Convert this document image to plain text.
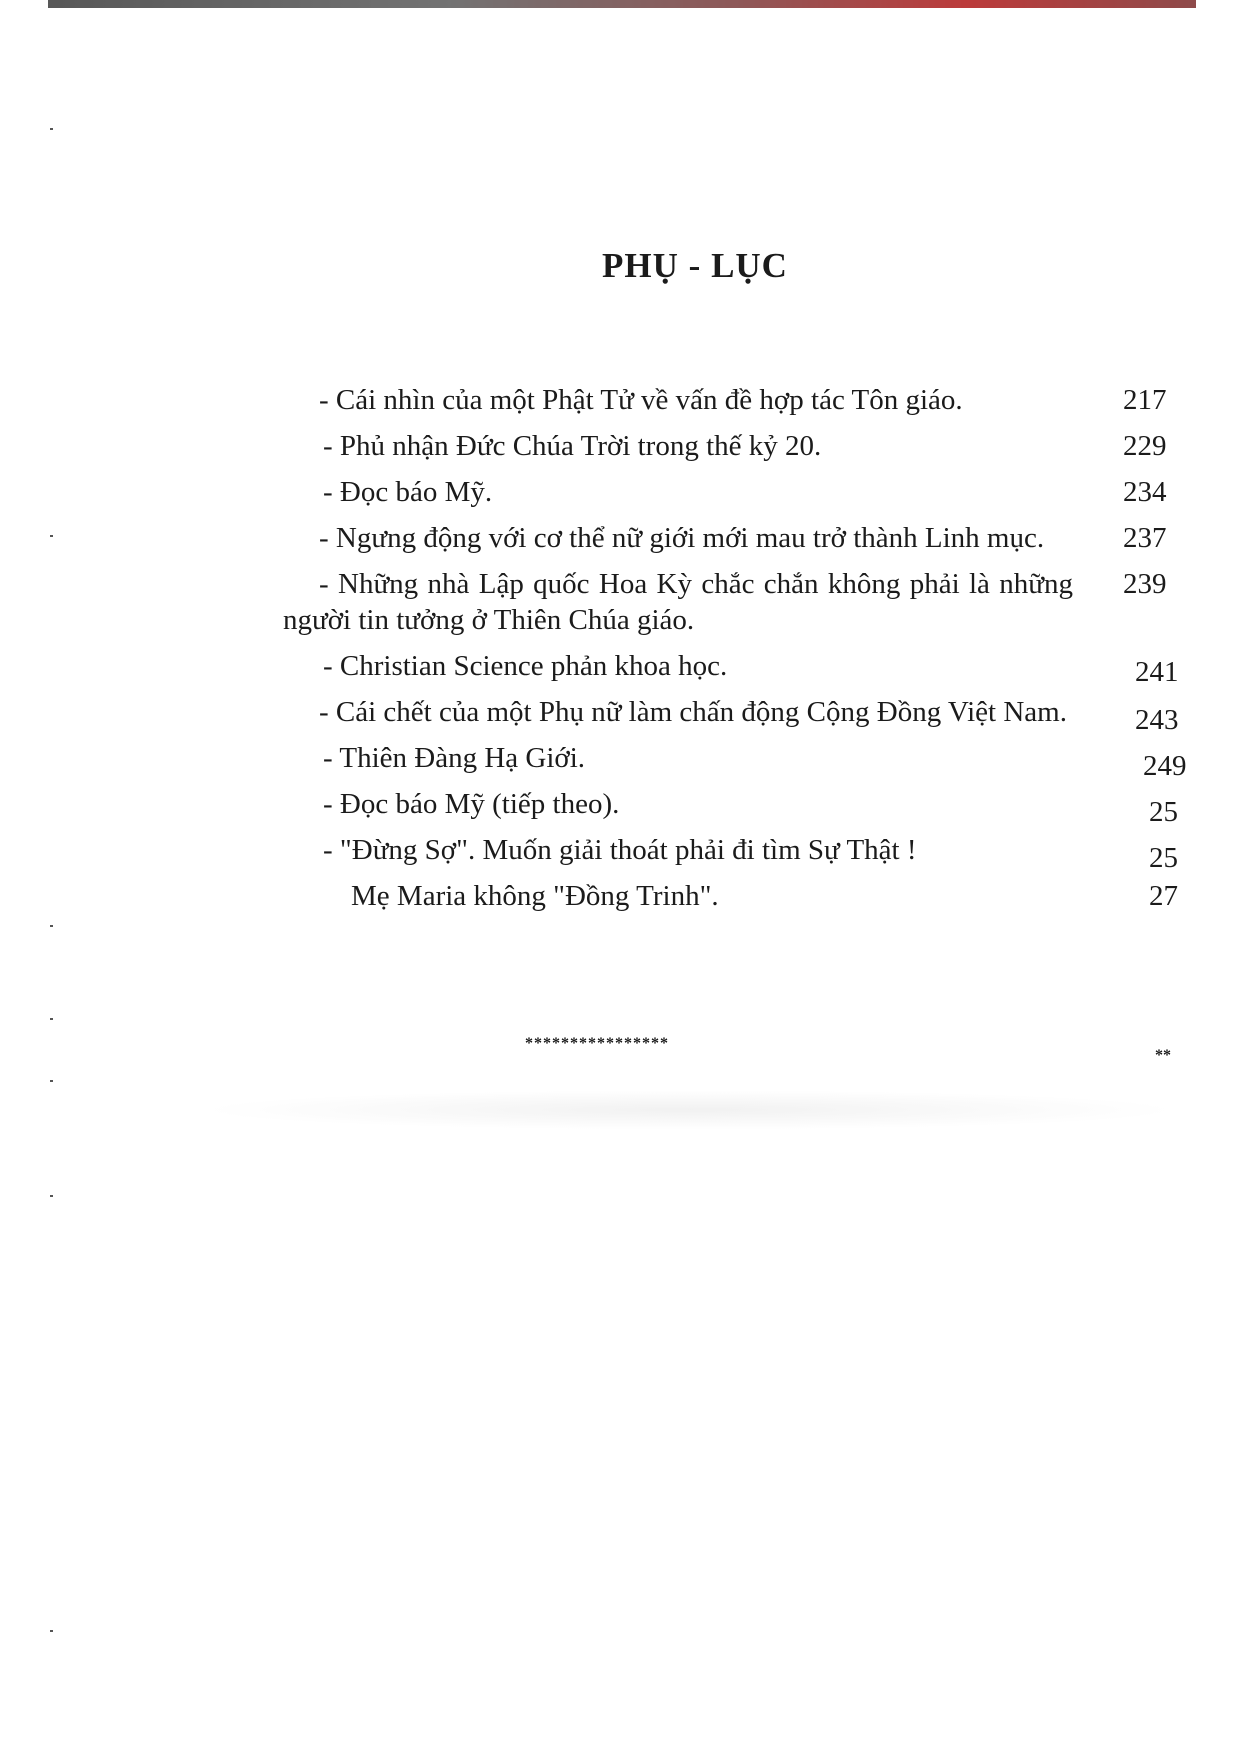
PHỤ - LỤC
- Cái nhìn của một Phật Tử về vấn đề hợp tác Tôn giáo.	217
- Phủ nhận Đức Chúa Trời trong thế kỷ 20.	229
- Đọc báo Mỹ.	234
- Ngưng động với cơ thể nữ giới mới mau trở thành Linh mục.	237
- Những nhà Lập quốc Hoa Kỳ chắc chắn không phải là những người tin tưởng ở Thiên Chúa giáo.
239
- Christian Science phản khoa học.	241
- Cái chết của một Phụ nữ làm chấn động Cộng Đồng Việt Nam. 243
- Thiên Đàng Hạ Giới.	249
- Đọc báo Mỹ (tiếp theo).	25
- "Đừng Sợ". Muốn giải thoát phải đi tìm Sự Thật !	25
Mẹ Maria không "Đồng Trinh".	27
****************
**
